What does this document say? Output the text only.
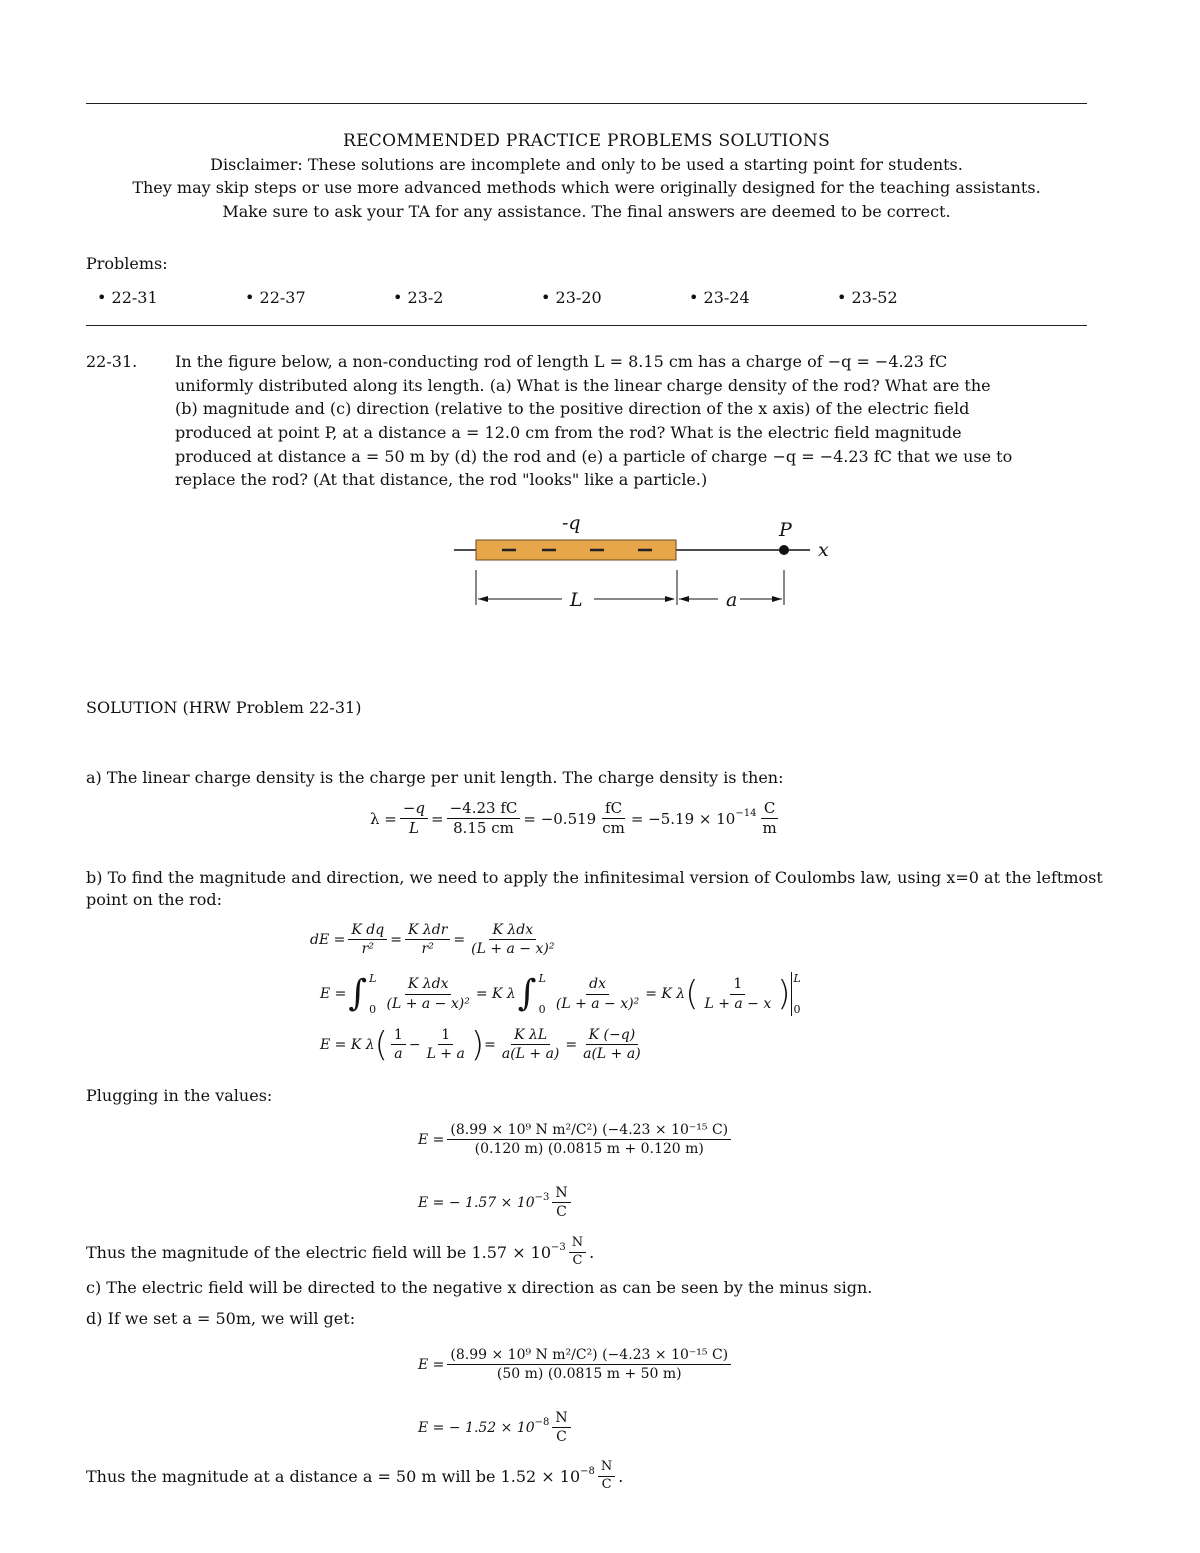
RECOMMENDED PRACTICE PROBLEMS SOLUTIONS
Disclaimer: These solutions are incomplete and only to be used a starting point for students.
They may skip steps or use more advanced methods which were originally designed for the teaching assistants.
Make sure to ask your TA for any assistance. The final answers are deemed to be correct.
Problems:
• 22-31	• 22-37	• 23-2	• 23-20	• 23-24	• 23-52
22-31. In the figure below, a non-conducting rod of length L = 8.15 cm has a charge of −q = −4.23 fC
uniformly distributed along its length. (a) What is the linear charge density of the rod? What are the
(b) magnitude and (c) direction (relative to the positive direction of the x axis) of the electric field
produced at point P, at a distance a = 12.0 cm from the rod? What is the electric field magnitude
produced at distance a = 50 m by (d) the rod and (e) a particle of charge −q = −4.23 fC that we use to
replace the rod? (At that distance, the rod "looks" like a particle.)
-q	P
x
L	a
SOLUTION (HRW Problem 22-31)
a) The linear charge density is the charge per unit length. The charge density is then:
$\lambda = \frac{-q}{L} = \frac{-4.23 fC}{8.15 cm} = -0.519 \frac{fC}{cm} = -5.19 \times 10^{-14} \frac{C}{m}$
b) To find the magnitude and direction, we need to apply the infinitesimal version of Coulombs law, using x=0 at the leftmost
point on the rod:
dE = $\frac{\text{K dq}}{\text{r²}} = \frac{\text{K λdr}}{\text{r²}} = \frac{\text{K λdx}}{\text{(L + a − x)²}}$
E = ∫ L
$0 \frac{\text{K λdx}}{\text{(L + a − x)²}} = K$ λ ∫ L
$0 \frac{dx}{\text{(L + a − x)²}} = K$ λ ( $\frac{1}{L + a - x}$ ) L
0
E = K λ ( $\frac{1}{a} - \frac{1}{L + a}$ ) = $\frac{\text{K λL}}{a(L + a)} = \frac{K (-q)}{a(L + a)}$
Plugging in the values:
$E = \frac{\text{(8.99 × 10⁹ N m²/C²) (−4.23 × 10⁻¹⁵ C)}}{(0.120 m) (0.0815 m + 0.120 m)}$
E = − $1.57 \times 10^{-3} \frac{N}{C}$
Thus the magnitude of the electric field will be $1.57 \times 10^{-3} \frac{N}{C}$ .
c) The electric field will be directed to the negative x direction as can be seen by the minus sign.
d) If we set a = 50m, we will get:
$E = \frac{\text{(8.99 × 10⁹ N m²/C²) (−4.23 × 10⁻¹⁵ C)}}{(50 m) (0.0815 m + 50 m)}$
E = − $1.52 \times 10^{-8} \frac{N}{C}$
Thus the magnitude at a distance a = 50 m will be $1.52 \times 10^{-8} \frac{N}{C}$ .
